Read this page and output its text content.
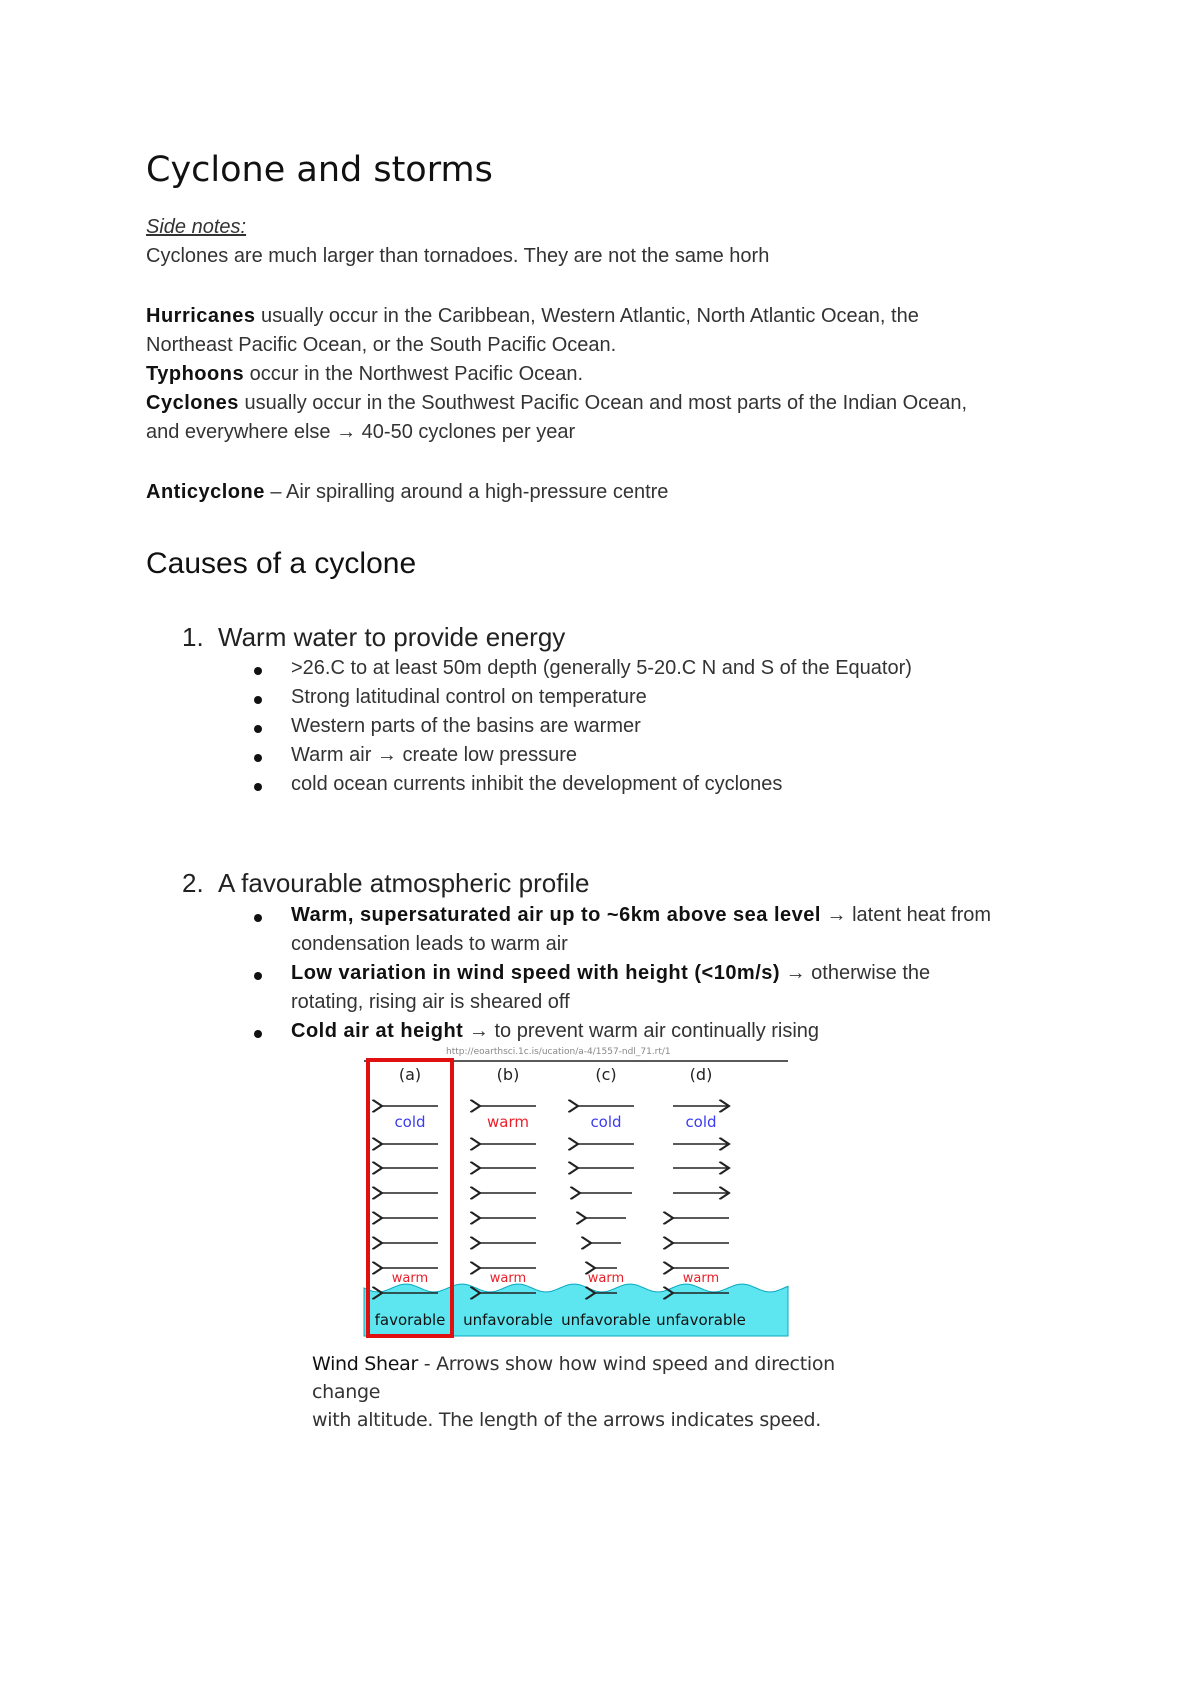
Cyclone and storms
Side notes:
Cyclones are much larger than tornadoes. They are not the same horh
Hurricanes usually occur in the Caribbean, Western Atlantic, North Atlantic Ocean, the
Northeast Pacific Ocean, or the South Pacific Ocean.
Typhoons occur in the Northwest Pacific Ocean.
Cyclones usually occur in the Southwest Pacific Ocean and most parts of the Indian Ocean,
and everywhere else → 40-50 cyclones per year
Anticyclone – Air spiralling around a high-pressure centre
Causes of a cyclone
1. Warm water to provide energy
>26.C to at least 50m depth (generally 5-20.C N and S of the Equator)
Strong latitudinal control on temperature
Western parts of the basins are warmer
Warm air → create low pressure
cold ocean currents inhibit the development of cyclones
2. A favourable atmospheric profile
Warm, supersaturated air up to ~6km above sea level → latent heat from
condensation leads to warm air
Low variation in wind speed with height (<10m/s) → otherwise the
rotating, rising air is sheared off
Cold air at height → to prevent warm air continually rising
http://eoarthsci.1c.is/ucation/a-4/1557-ndl_71.rt/1
(a)
cold
warm
favorable
(b)
warm
warm
unfavorable
(c)
cold
warm
unfavorable
(d)
cold
warm
unfavorable
Wind Shear - Arrows show how wind speed and direction change
with altitude. The length of the arrows indicates speed.
